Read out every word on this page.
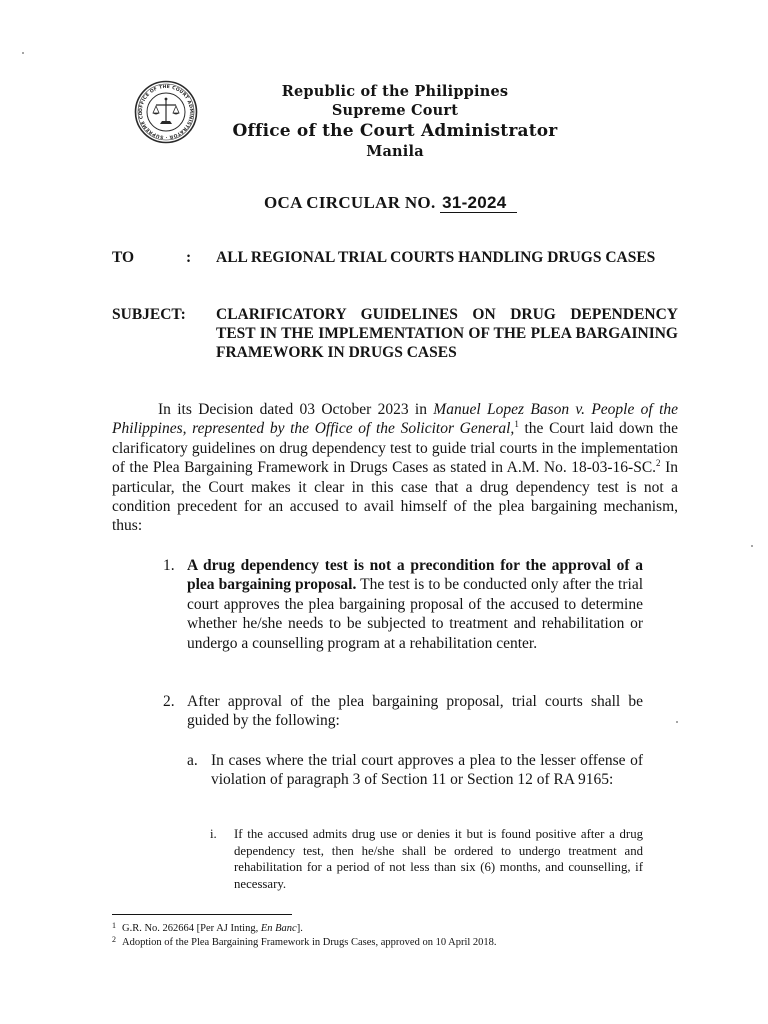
OFFICE OF THE COURT ADMINISTRATOR · SUPREME CO
Republic of the Philippines
Supreme Court
Office of the Court Administrator
Manila
OCA CIRCULAR NO. 31-2024
TO	: ALL REGIONAL TRIAL COURTS HANDLING DRUGS CASES
SUBJECT: CLARIFICATORY GUIDELINES ON DRUG DEPENDENCY TEST IN THE IMPLEMENTATION OF THE PLEA BARGAINING FRAMEWORK IN DRUGS CASES
In its Decision dated 03 October 2023 in Manuel Lopez Bason v. People of the Philippines, represented by the Office of the Solicitor General,$^1$ the Court laid down the clarificatory guidelines on drug dependency test to guide trial courts in the implementation of the Plea Bargaining Framework in Drugs Cases as stated in A.M. No. 18-03-16-SC.$^2$ In particular, the Court makes it clear in this case that a drug dependency test is not a condition precedent for an accused to avail himself of the plea bargaining mechanism, thus:
1. A drug dependency test is not a precondition for the approval of a plea bargaining proposal. The test is to be conducted only after the trial court approves the plea bargaining proposal of the accused to determine whether he/she needs to be subjected to treatment and rehabilitation or undergo a counselling program at a rehabilitation center.
2. After approval of the plea bargaining proposal, trial courts shall be guided by the following:
a. In cases where the trial court approves a plea to the lesser offense of violation of paragraph 3 of Section 11 or Section 12 of RA 9165:
i. If the accused admits drug use or denies it but is found positive after a drug dependency test, then he/she shall be ordered to undergo treatment and rehabilitation for a period of not less than six (6) months, and counselling, if necessary.
$^1$ G.R. No. 262664 [Per AJ Inting, En Banc].
$^2$ Adoption of the Plea Bargaining Framework in Drugs Cases, approved on 10 April 2018.
